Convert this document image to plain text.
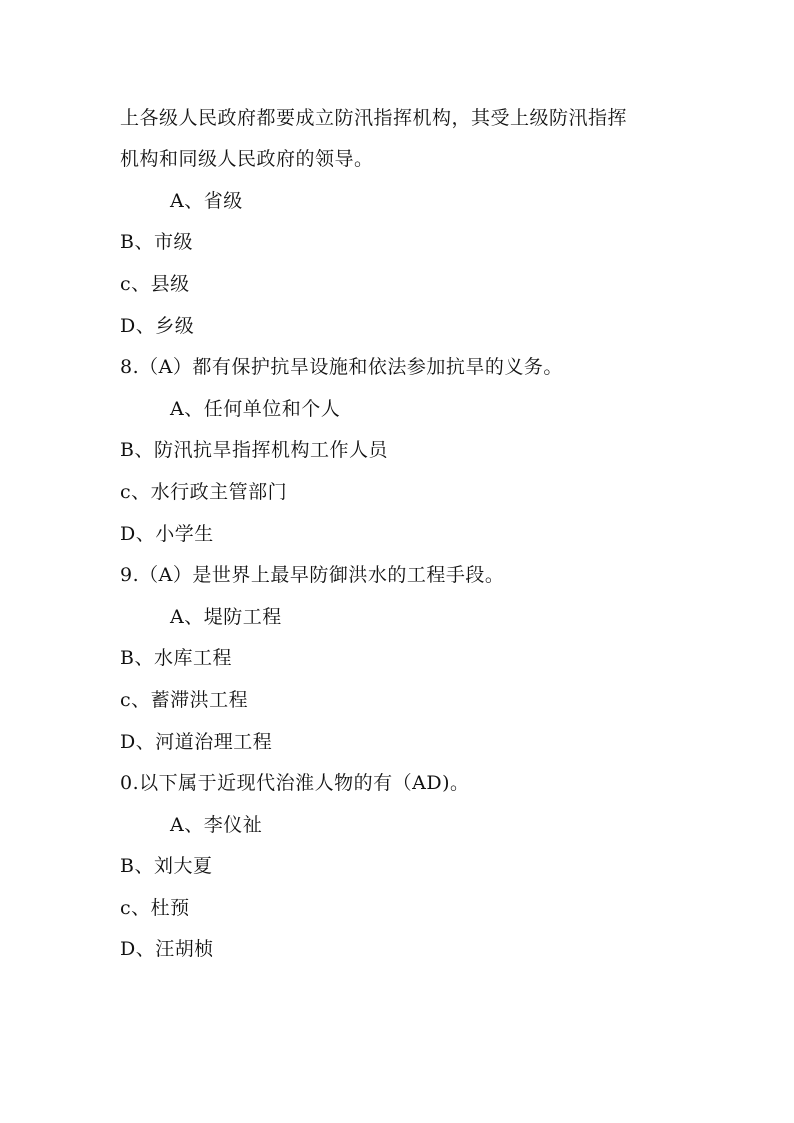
上各级人民政府都要成立防汛指挥机构，其受上级防汛指挥
机构和同级人民政府的领导。
A、省级
B、市级
c、县级
D、乡级
8.（A）都有保护抗旱设施和依法参加抗旱的义务。
A、任何单位和个人
B、防汛抗旱指挥机构工作人员
c、水行政主管部门
D、小学生
9.（A）是世界上最早防御洪水的工程手段。
A、堤防工程
B、水库工程
c、蓄滞洪工程
D、河道治理工程
0.以下属于近现代治淮人物的有（AD)。
A、李仪祉
B、刘大夏
c、杜预
D、汪胡桢
